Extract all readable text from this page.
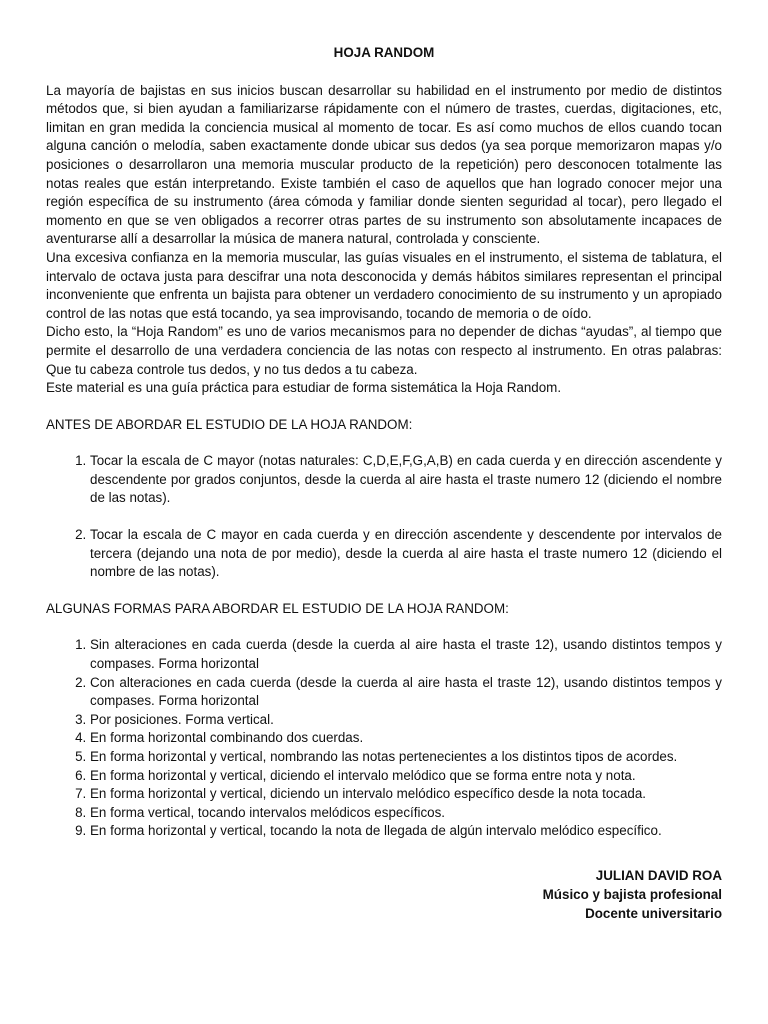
HOJA RANDOM

La mayoría de bajistas en sus inicios buscan desarrollar su habilidad en el instrumento por medio de distintos métodos que, si bien ayudan a familiarizarse rápidamente con el número de trastes, cuerdas, digitaciones, etc, limitan en gran medida la conciencia musical al momento de tocar. Es así como muchos de ellos cuando tocan alguna canción o melodía, saben exactamente donde ubicar sus dedos (ya sea porque memorizaron mapas y/o posiciones o desarrollaron una memoria muscular producto de la repetición) pero desconocen totalmente las notas reales que están interpretando. Existe también el caso de aquellos que han logrado conocer mejor una región específica de su instrumento (área cómoda y familiar donde sienten seguridad al tocar), pero llegado el momento en que se ven obligados a recorrer otras partes de su instrumento son absolutamente incapaces de aventurarse allí a desarrollar la música de manera natural, controlada y consciente.

Una excesiva confianza en la memoria muscular, las guías visuales en el instrumento, el sistema de tablatura, el intervalo de octava justa para descifrar una nota desconocida y demás hábitos similares representan el principal inconveniente que enfrenta un bajista para obtener un verdadero conocimiento de su instrumento y un apropiado control de las notas que está tocando, ya sea improvisando, tocando de memoria o de oído.

Dicho esto, la “Hoja Random” es uno de varios mecanismos para no depender de dichas “ayudas”, al tiempo que permite el desarrollo de una verdadera conciencia de las notas con respecto al instrumento. En otras palabras: Que tu cabeza controle tus dedos, y no tus dedos a tu cabeza.

Este material es una guía práctica para estudiar de forma sistemática la Hoja Random.

ANTES DE ABORDAR EL ESTUDIO DE LA HOJA RANDOM:
1. Tocar la escala de C mayor (notas naturales: C,D,E,F,G,A,B) en cada cuerda y en dirección ascendente y descendente por grados conjuntos, desde la cuerda al aire hasta el traste numero 12 (diciendo el nombre de las notas).
2. Tocar la escala de C mayor en cada cuerda y en dirección ascendente y descendente por intervalos de tercera (dejando una nota de por medio), desde la cuerda al aire hasta el traste numero 12 (diciendo el nombre de las notas).
ALGUNAS FORMAS PARA ABORDAR EL ESTUDIO DE LA HOJA RANDOM:
1. Sin alteraciones en cada cuerda (desde la cuerda al aire hasta el traste 12), usando distintos tempos y compases. Forma horizontal
2. Con alteraciones en cada cuerda (desde la cuerda al aire hasta el traste 12), usando distintos tempos y compases. Forma horizontal
3. Por posiciones. Forma vertical.
4. En forma horizontal combinando dos cuerdas.
5. En forma horizontal y vertical, nombrando las notas pertenecientes a los distintos tipos de acordes.
6. En forma horizontal y vertical, diciendo el intervalo melódico que se forma entre nota y nota.
7. En forma horizontal y vertical, diciendo un intervalo melódico específico desde la nota tocada.
8. En forma vertical, tocando intervalos melódicos específicos.
9. En forma horizontal y vertical, tocando la nota de llegada de algún intervalo melódico específico.
JULIAN DAVID ROA
Músico y bajista profesional
Docente universitario
